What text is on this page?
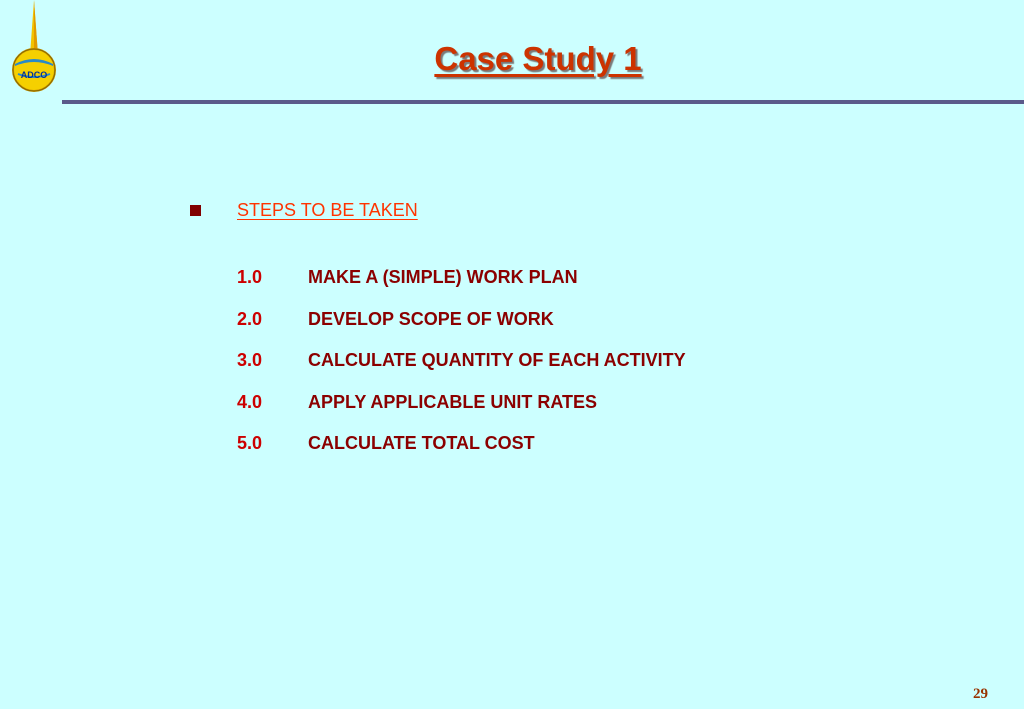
ADCO	Case Study 1
STEPS TO BE TAKEN
1.0	MAKE A (SIMPLE) WORK PLAN
2.0	DEVELOP SCOPE OF WORK
3.0	CALCULATE QUANTITY OF EACH ACTIVITY
4.0	APPLY APPLICABLE UNIT RATES
5.0	CALCULATE TOTAL COST
29
